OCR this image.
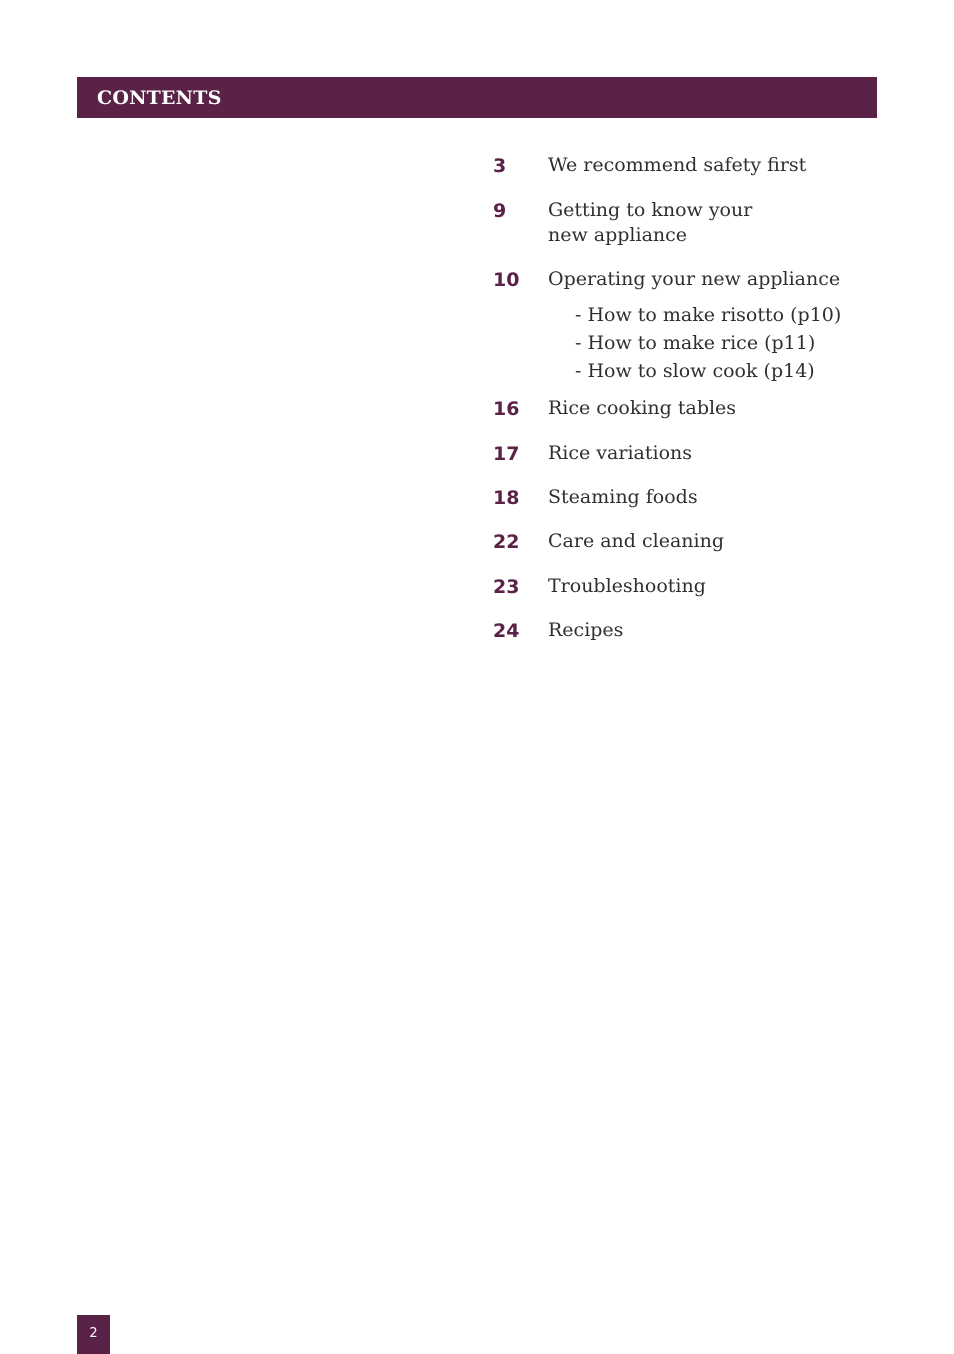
CONTENTS
3 We recommend safety first
9 Getting to know your
new appliance
10 Operating your new appliance
- How to make risotto (p10)
- How to make rice (p11)
- How to slow cook (p14)
16 Rice cooking tables
17 Rice variations
18 Steaming foods
22 Care and cleaning
23 Troubleshooting
24 Recipes
2
